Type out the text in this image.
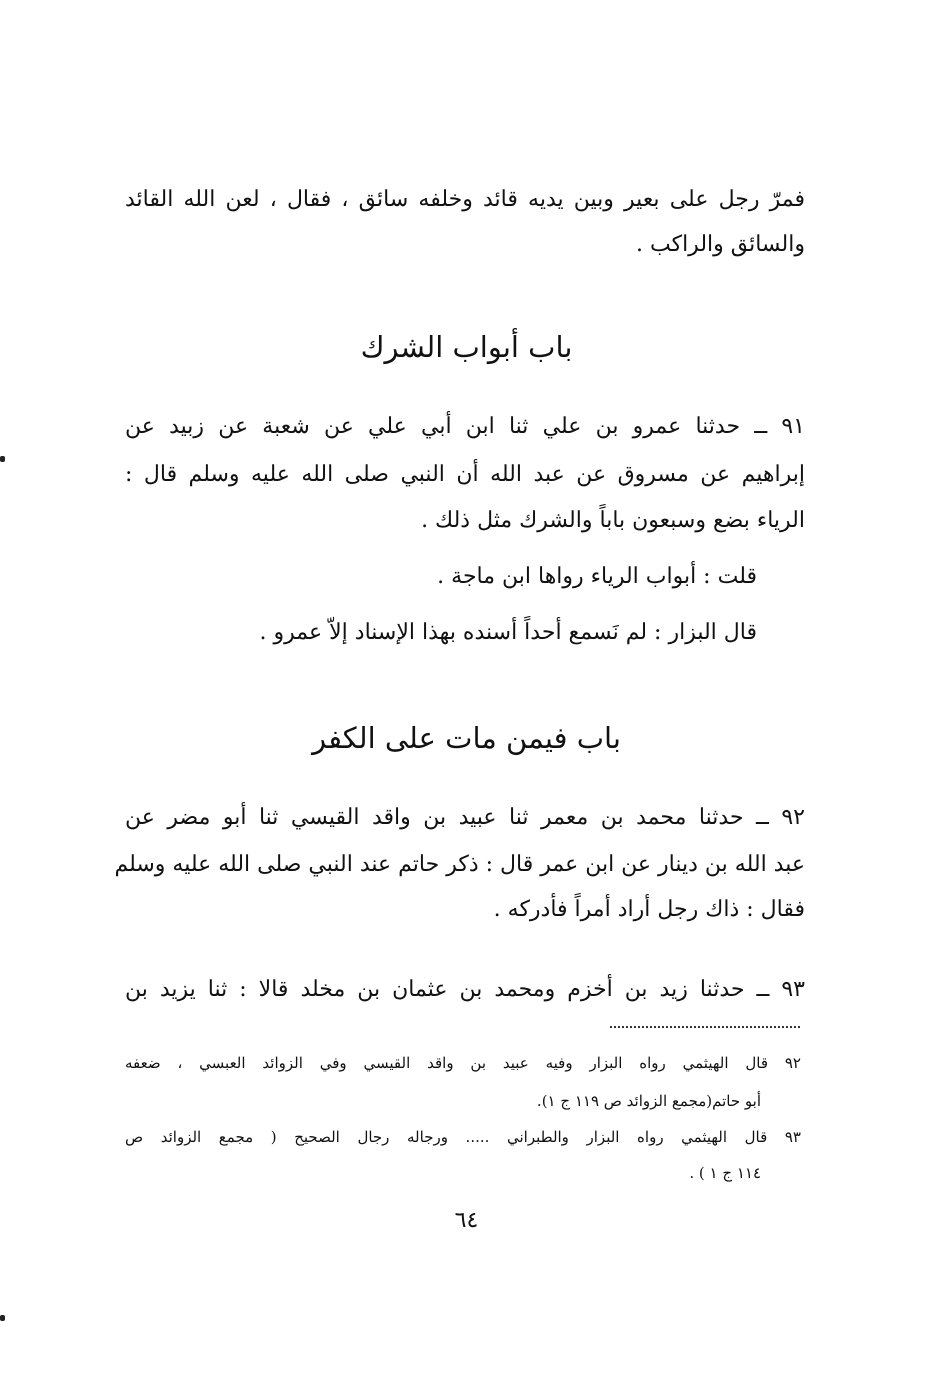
فمرّ رجل على بعير وبين يديه قائد وخلفه سائق ، فقال ، لعن الله القائد
والسائق والراكب .
باب أبواب الشرك
٩١ ــ حدثنا عمرو بن علي ثنا ابن أبي علي عن شعبة عن زبيد عن
إبراهيم عن مسروق عن عبد الله أن النبي صلى الله عليه وسلم قال :
الرياء بضع وسبعون باباً والشرك مثل ذلك .
قلت : أبواب الرياء رواها ابن ماجة .
قال البزار : لم نَسمع أحداً أسنده بهذا الإسناد إلاّ عمرو .
باب فيمن مات على الكفر
٩٢ ــ حدثنا محمد بن معمر ثنا عبيد بن واقد القيسي ثنا أبو مضر عن
عبد الله بن دينار عن ابن عمر قال : ذكر حاتم عند النبي صلى الله عليه وسلم
فقال : ذاك رجل أراد أمراً فأدركه .
٩٣ ــ حدثنا زيد بن أخزم ومحمد بن عثمان بن مخلد قالا : ثنا يزيد بن
٩٢ قال الهيثمي رواه البزار وفيه عبيد بن واقد القيسي وفي الزوائد العبسي ، ضعفه
أبو حاتم(مجمع الزوائد ص ١١٩ ج ١).
٩٣ قال الهيثمي رواه البزار والطبراني ..... ورجاله رجال الصحيح ( مجمع الزوائد ص
١١٤ ج ١ ) .
٦٤
